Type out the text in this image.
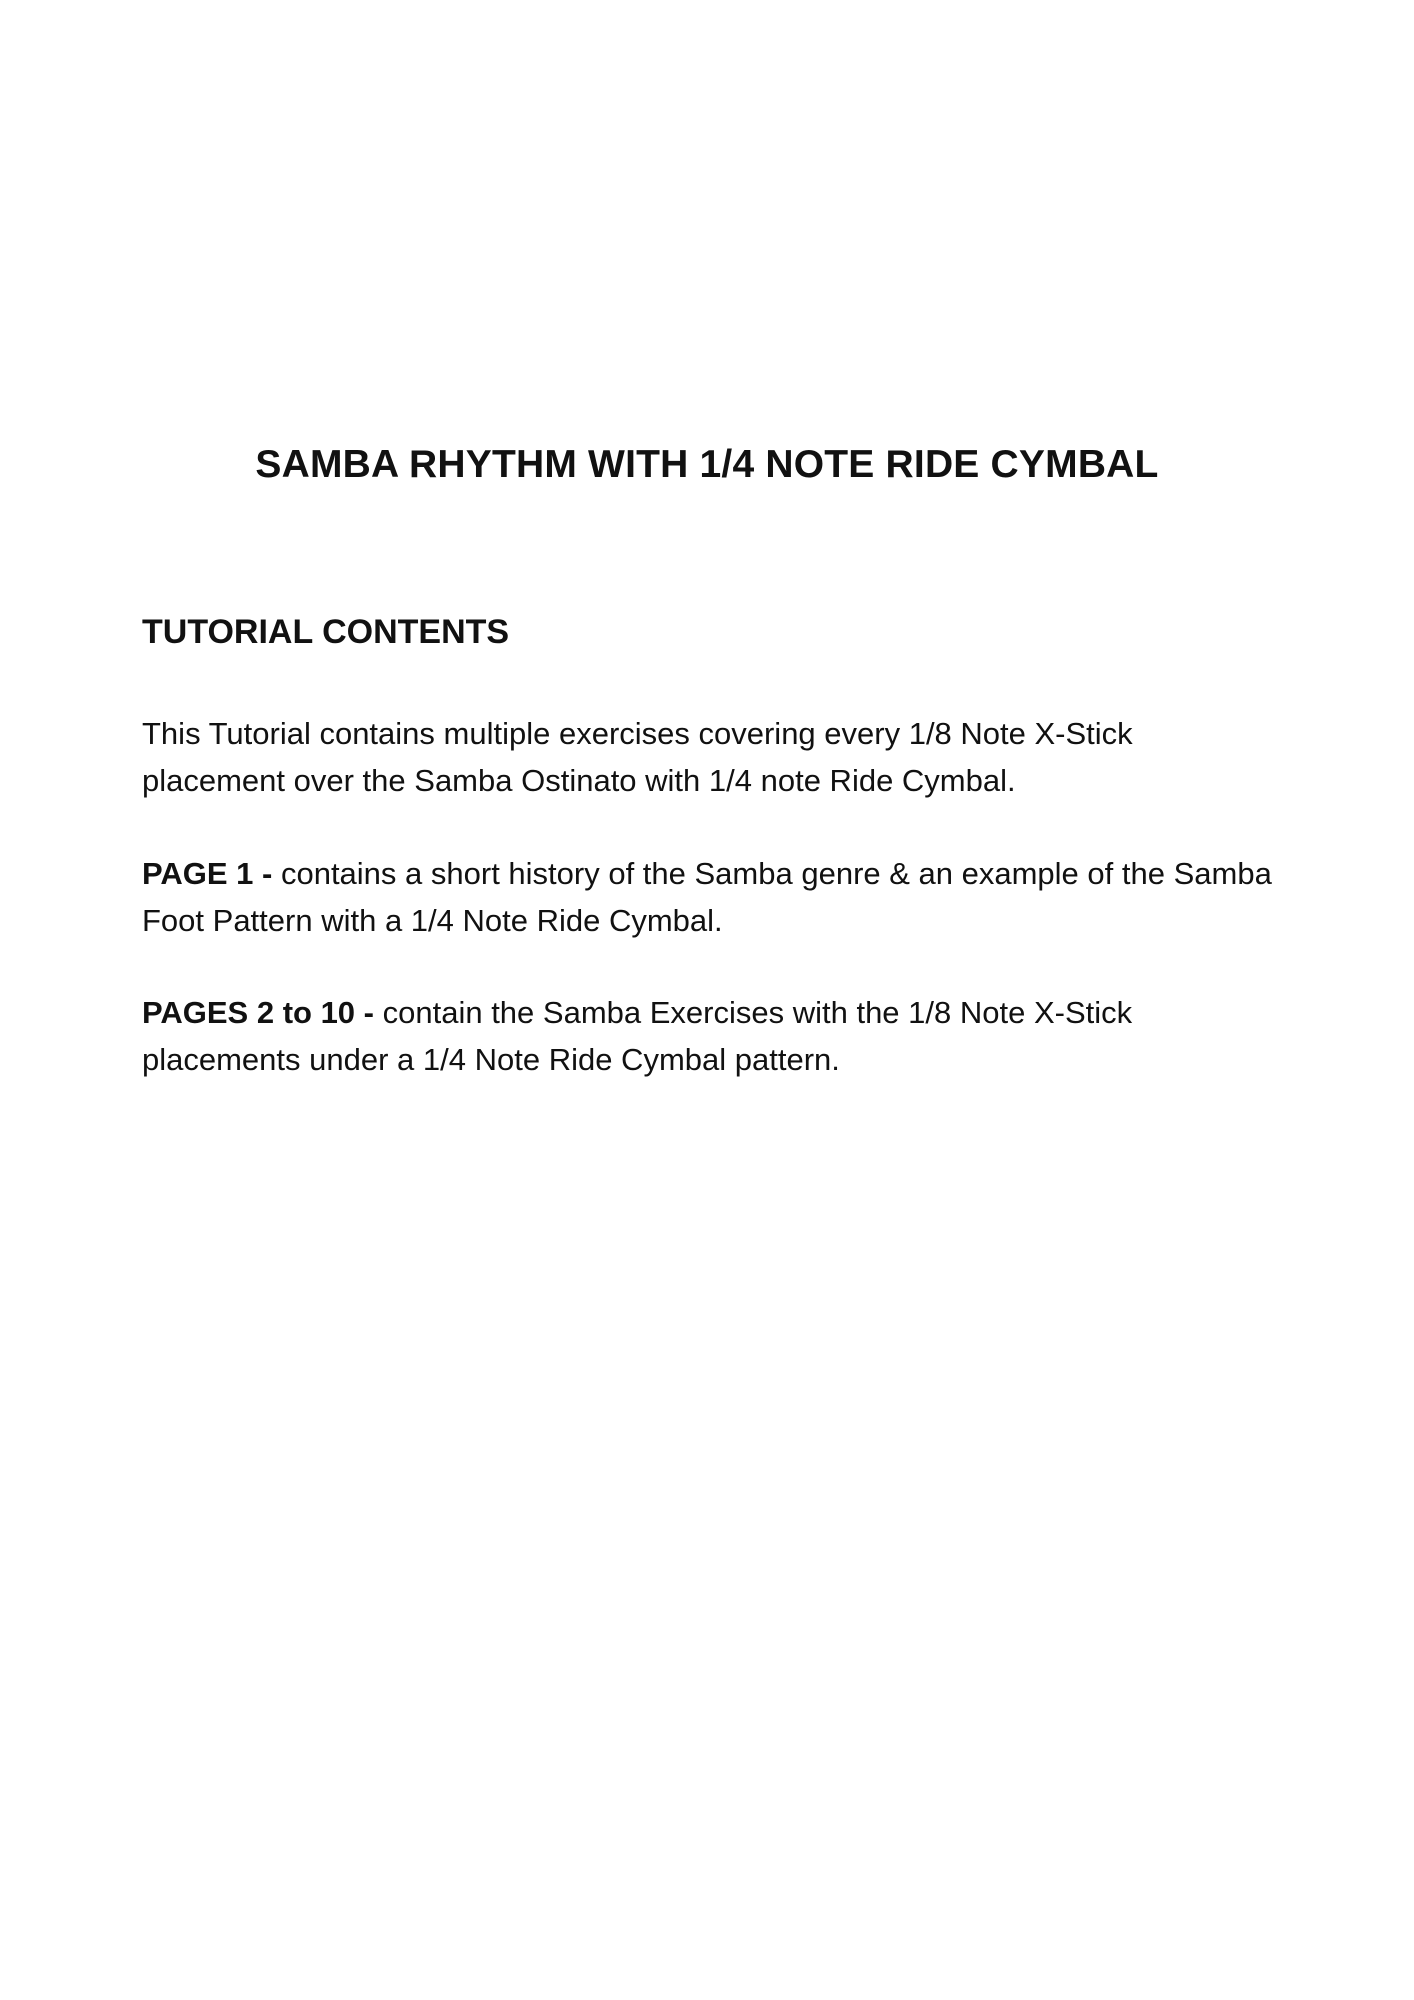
SAMBA RHYTHM WITH 1/4 NOTE RIDE CYMBAL
TUTORIAL CONTENTS

This Tutorial contains multiple exercises covering every 1/8 Note X-Stick placement over the Samba Ostinato with 1/4 note Ride Cymbal.

PAGE 1 - contains a short history of the Samba genre & an example of the Samba Foot Pattern with a 1/4 Note Ride Cymbal.

PAGES 2 to 10 - contain the Samba Exercises with the 1/8 Note X-Stick placements under a 1/4 Note Ride Cymbal pattern.
